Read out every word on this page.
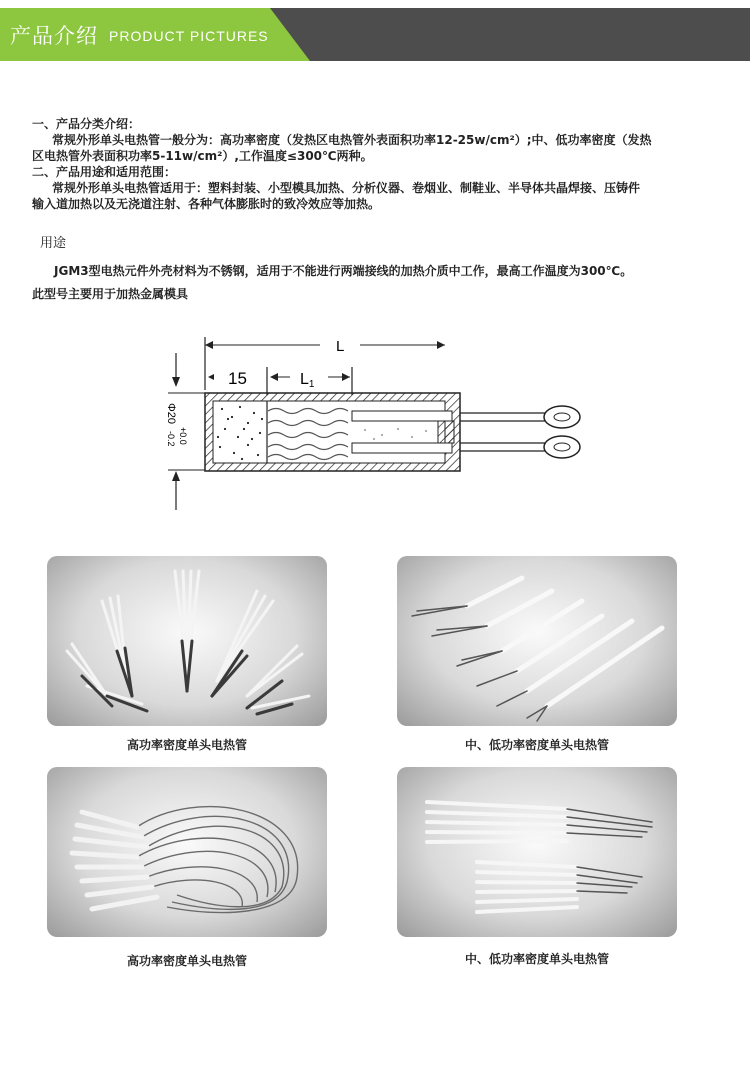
产品介绍 PRODUCT PICTURES
一、产品分类介绍：
常规外形单头电热管一般分为：高功率密度（发热区电热管外表面积功率12-25w/cm²）;中、低功率密度（发热
区电热管外表面积功率5-11w/cm²）,工作温度≤300℃两种。
二、产品用途和适用范围：
常规外形单头电热管适用于：塑料封装、小型模具加热、分析仪器、卷烟业、制鞋业、半导体共晶焊接、压铸件
输入道加热以及无浇道注射、各种气体膨胀时的致冷效应等加热。
用途
JGM3型电热元件外壳材料为不锈钢，适用于不能进行两端接线的加热介质中工作，最高工作温度为300℃。
此型号主要用于加热金属模具
L
15	L1
Φ20
+0.0
-0.2
高功率密度单头电热管	中、低功率密度单头电热管
高功率密度单头电热管	中、低功率密度单头电热管
